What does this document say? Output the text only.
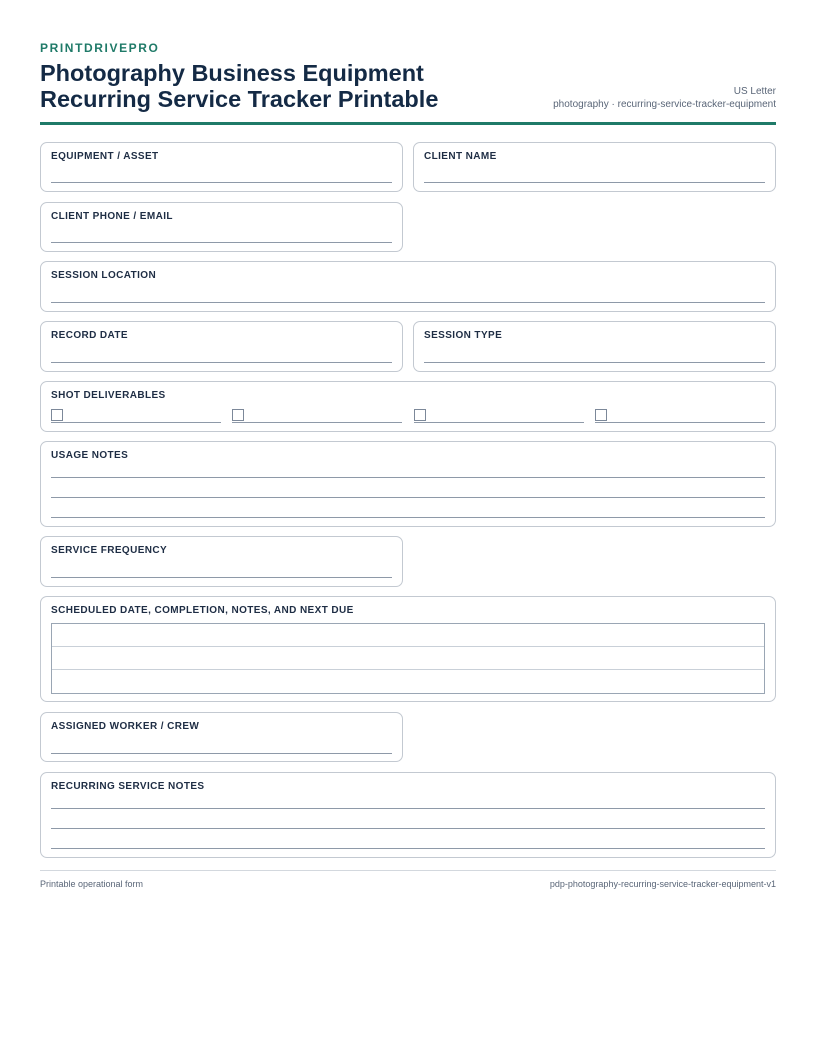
PRINTDRIVEPRO
Photography Business Equipment Recurring Service Tracker Printable	US Letter
photography · recurring-service-tracker-equipment
EQUIPMENT / ASSET	CLIENT NAME
CLIENT PHONE / EMAIL
SESSION LOCATION
RECORD DATE	SESSION TYPE
SHOT DELIVERABLES
USAGE NOTES
SERVICE FREQUENCY
SCHEDULED DATE, COMPLETION, NOTES, AND NEXT DUE
ASSIGNED WORKER / CREW
RECURRING SERVICE NOTES
Printable operational form	pdp-photography-recurring-service-tracker-equipment-v1
